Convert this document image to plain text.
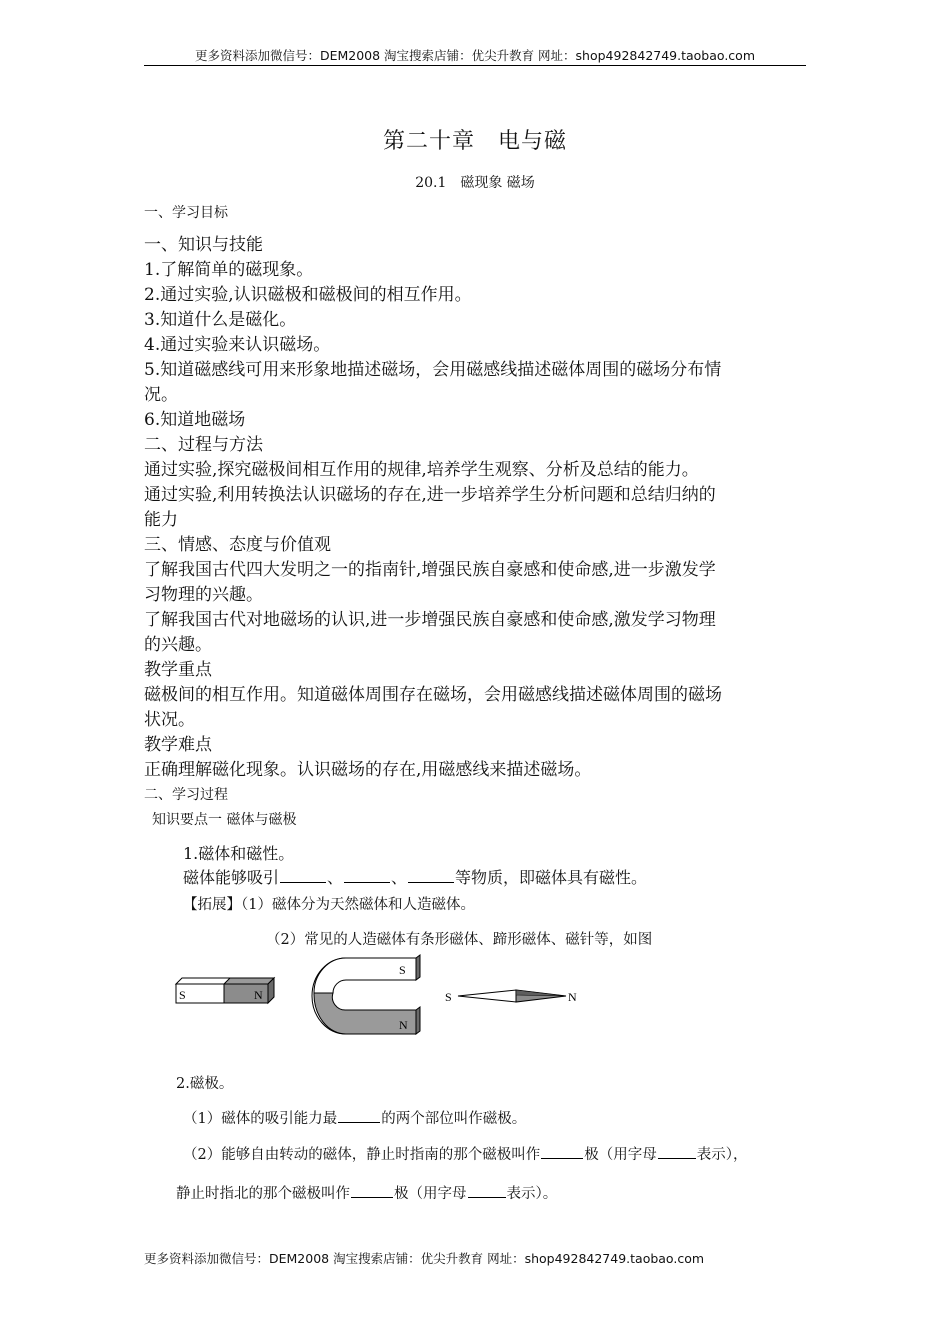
更多资料添加微信号：DEM2008 淘宝搜索店铺：优尖升教育 网址：shop492842749.taobao.com
第二十章　电与磁
20.1　磁现象 磁场
一、学习目标
一、知识与技能
1.了解简单的磁现象。
2.通过实验,认识磁极和磁极间的相互作用。
3.知道什么是磁化。
4.通过实验来认识磁场。
5.知道磁感线可用来形象地描述磁场，会用磁感线描述磁体周围的磁场分布情
况。
6.知道地磁场
二、过程与方法
通过实验,探究磁极间相互作用的规律,培养学生观察、分析及总结的能力。
通过实验,利用转换法认识磁场的存在,进一步培养学生分析问题和总结归纳的
能力
三、情感、态度与价值观
了解我国古代四大发明之一的指南针,增强民族自豪感和使命感,进一步激发学
习物理的兴趣。
了解我国古代对地磁场的认识,进一步增强民族自豪感和使命感,激发学习物理
的兴趣。
教学重点
磁极间的相互作用。知道磁体周围存在磁场，会用磁感线描述磁体周围的磁场
状况。
教学难点
正确理解磁化现象。认识磁场的存在,用磁感线来描述磁场。
二、学习过程
知识要点一 磁体与磁极
1.磁体和磁性。
磁体能够吸引	、	、	等物质，即磁体具有磁性。
【拓展】（1）磁体分为天然磁体和人造磁体。
（2）常见的人造磁体有条形磁体、蹄形磁体、磁针等，如图
S	N
S
N
S	N
2.磁极。
（1）磁体的吸引能力最	的两个部位叫作磁极。
（2）能够自由转动的磁体，静止时指南的那个磁极叫作	极（用字母	表示），
静止时指北的那个磁极叫作	极（用字母	表示）。
更多资料添加微信号：DEM2008 淘宝搜索店铺：优尖升教育 网址：shop492842749.taobao.com
